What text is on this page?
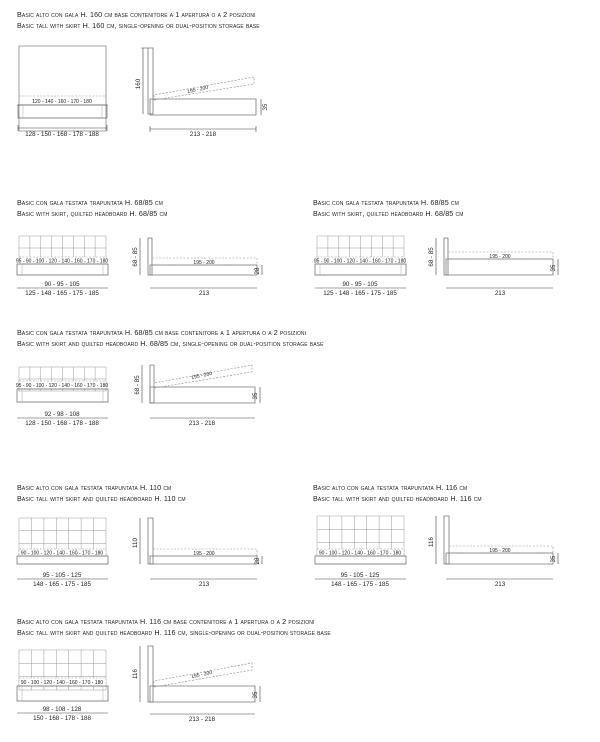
Basic alto con gala H. 160 cm base contenitore a 1 apertura o a 2 posizioni
Basic tall with skirt H. 160 cm, single-opening or dual-position storage base
120 - 140 - 160 - 170 - 180
128 - 150 - 168 - 178 - 188
160
195 - 200
35
213 - 218
Basic con gala testata trapuntata H. 68/85 cm
Basic with skirt, quilted headboard H. 68/85 cm
95 - 90 - 100 - 120 - 140 - 160 - 170 - 180
90 - 95 - 105
125 - 148 - 165 - 175 - 185
68 - 85	195 - 200
28
213
Basic con gala testata trapuntata H. 68/85 cm
Basic with skirt, quilted headboard H. 68/85 cm
95 - 90 - 100 - 120 - 140 - 160 - 170 - 180
90 - 95 - 105
125 - 148 - 165 - 175 - 185
68 - 85	195 - 200
35
213
Basic con gala testata trapuntata H. 68/85 cm base contenitore a 1 apertura o a 2 posizioni
Basic with skirt and quilted headboard H. 68/85 cm, single-opening or dual-position storage base
95 - 90 - 100 - 120 - 140 - 160 - 170 - 180
92 - 98 - 108
128 - 150 - 168 - 178 - 188
68 - 85	195 - 200
35
213 - 218
Basic alto con gala testata trapuntata H. 110 cm
Basic tall with skirt and quilted headboard H. 110 cm
90 - 100 - 120 - 140 - 160 - 170 - 180
95 - 105 - 125
148 - 165 - 175 - 185
110
195 - 200
28
213
Basic alto con gala testata trapuntata H. 116 cm
Basic tall with skirt and quilted headboard H. 116 cm
90 - 100 - 120 - 140 - 160 - 170 - 180
95 - 105 - 125
148 - 165 - 175 - 185
116
195 - 200
35
213
Basic alto con gala testata trapuntata H. 116 cm base contenitore a 1 apertura o a 2 posizioni
Basic tall with skirt and quilted headboard H. 116 cm, single-opening or dual-position storage base
90 - 100 - 120 - 140 - 160 - 170 - 180
98 - 108 - 128
150 - 168 - 178 - 188
116	195 - 200
35
213 - 218
